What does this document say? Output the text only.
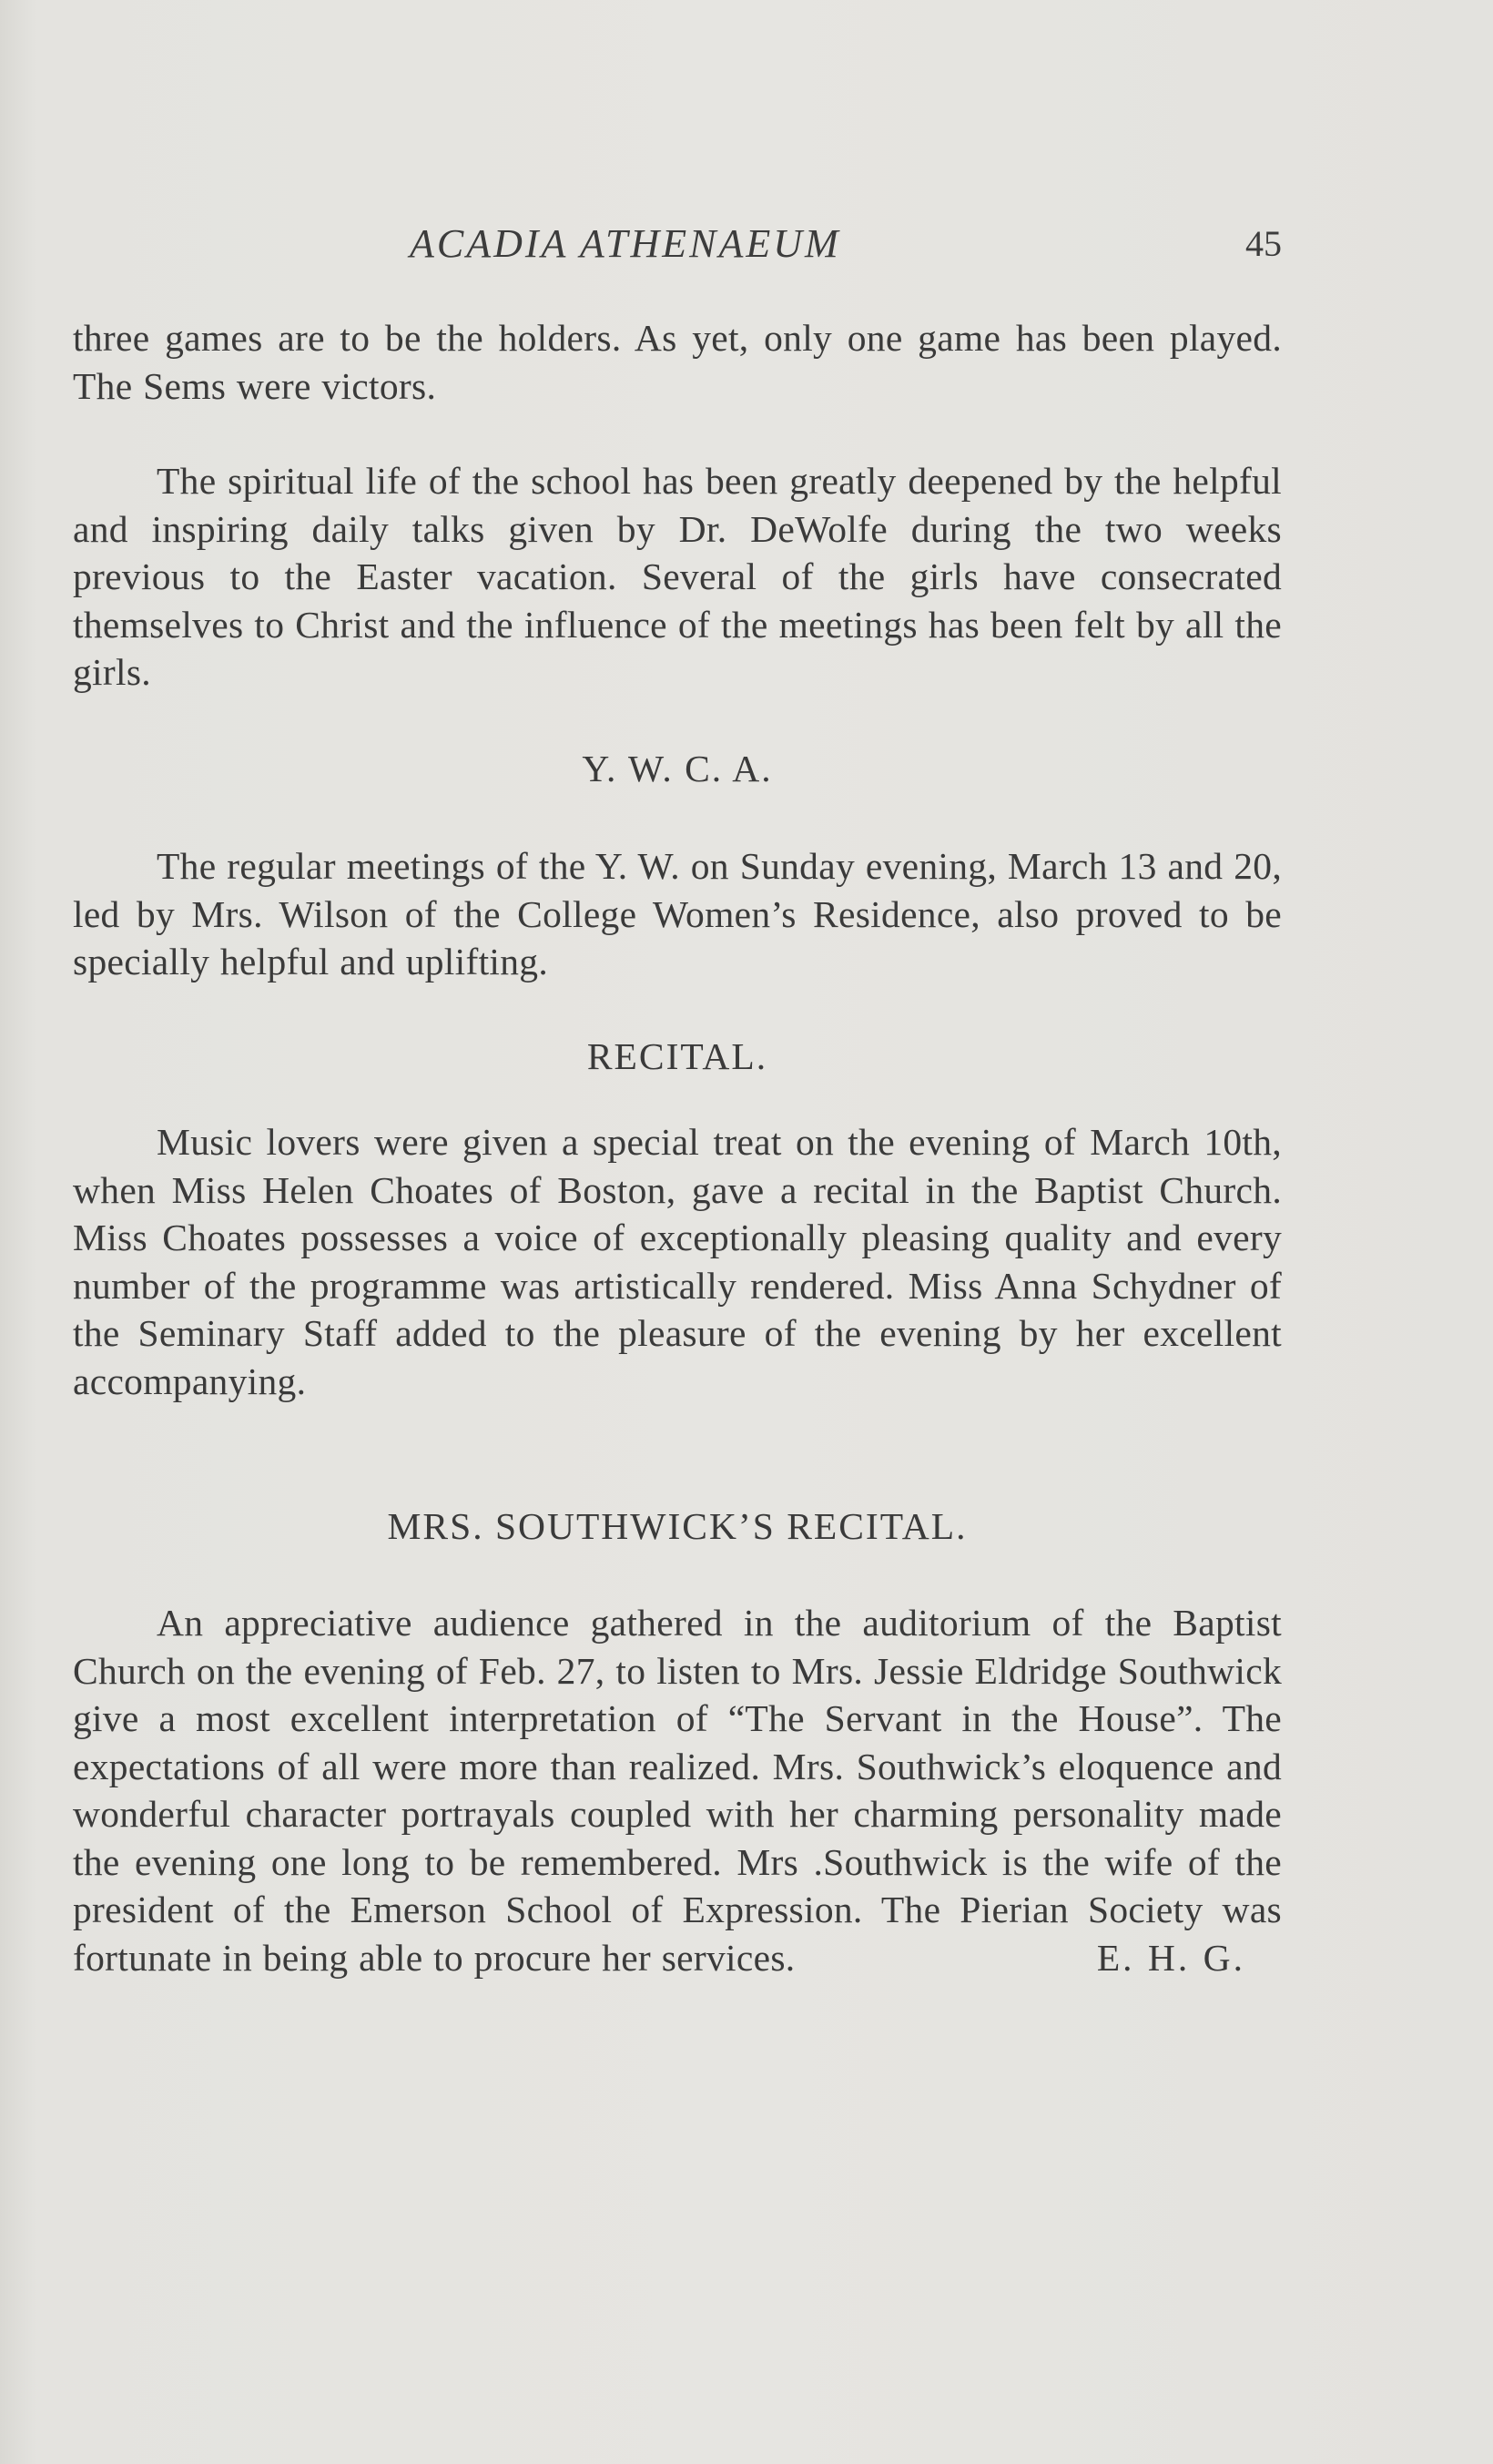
ACADIA ATHENAEUM	45

three games are to be the holders. As yet, only one game has been played. The Sems were victors.

The spiritual life of the school has been greatly deepened by the helpful and inspiring daily talks given by Dr. DeWolfe during the two weeks previous to the Easter vacation. Several of the girls have consecrated themselves to Christ and the influence of the meetings has been felt by all the girls.

Y. W. C. A.

The regular meetings of the Y. W. on Sunday evening, March 13 and 20, led by Mrs. Wilson of the College Women’s Residence, also proved to be specially helpful and uplifting.

RECITAL.

Music lovers were given a special treat on the evening of March 10th, when Miss Helen Choates of Boston, gave a recital in the Baptist Church. Miss Choates possesses a voice of exceptionally pleasing quality and every number of the programme was artistically rendered. Miss Anna Schydner of the Seminary Staff added to the pleasure of the evening by her excellent accompanying.

MRS. SOUTHWICK’S RECITAL.

An appreciative audience gathered in the auditorium of the Baptist Church on the evening of Feb. 27, to listen to Mrs. Jessie Eldridge Southwick give a most excellent interpretation of “The Servant in the House”. The expectations of all were more than realized. Mrs. Southwick’s eloquence and wonderful character portrayals coupled with her charming personality made the evening one long to be remembered. Mrs .Southwick is the wife of the president of the Emerson School of Expression. The Pierian Society was fortunate in being able to procure her services.	E. H. G.
